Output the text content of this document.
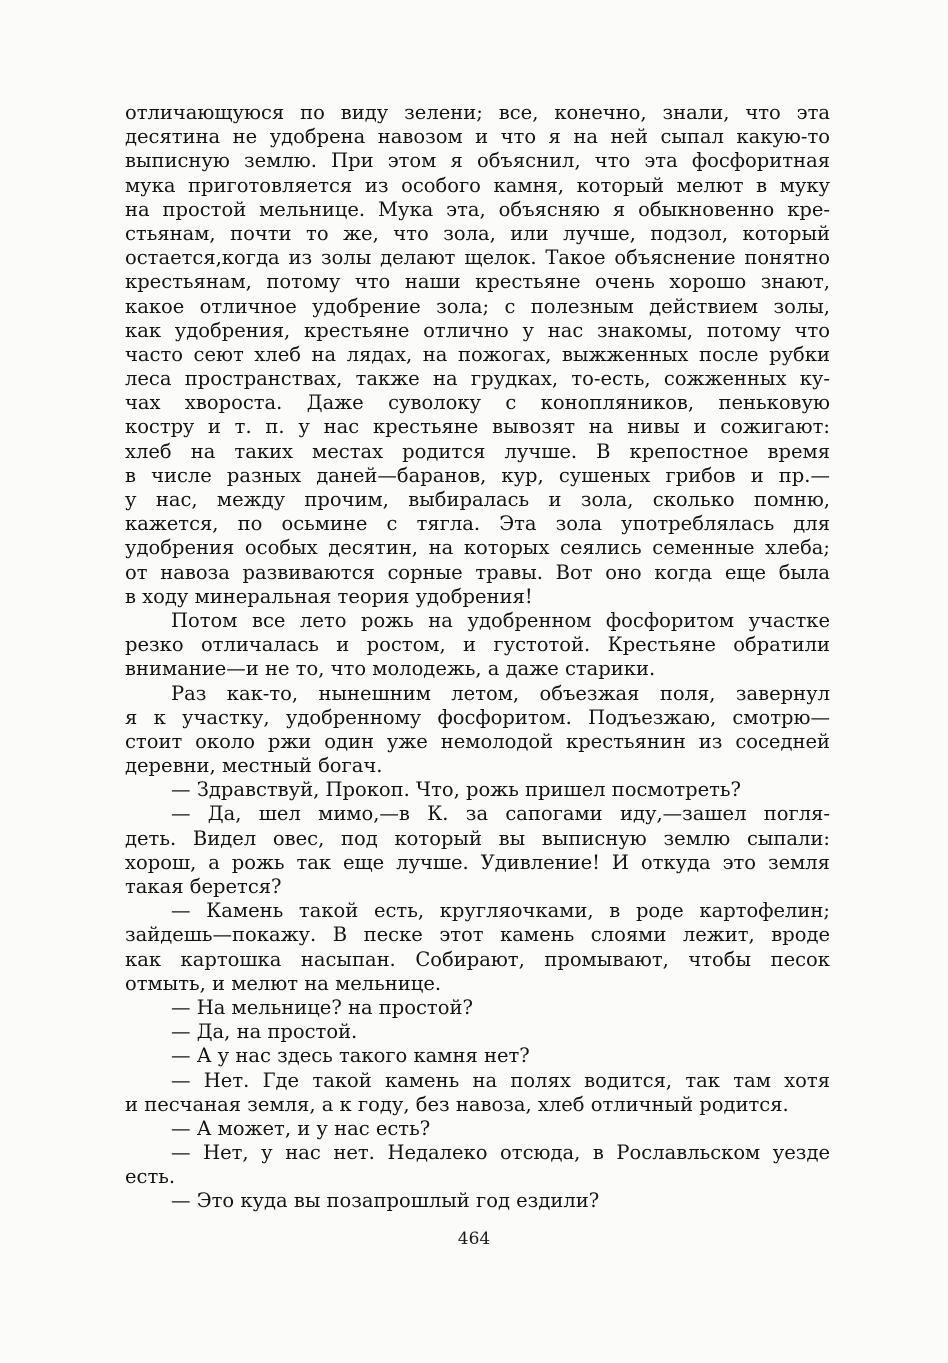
отличающуюся по виду зелени; все, конечно, знали, что эта
десятина не удобрена навозом и что я на ней сыпал какую-то
выписную землю. При этом я объяснил, что эта фосфоритная
мука приготовляется из особого камня, который мелют в муку
на простой мельнице. Мука эта, объясняю я обыкновенно кре-
стьянам, почти то же, что зола, или лучше, подзол, который
остается,когда из золы делают щелок. Такое объяснение понятно
крестьянам, потому что наши крестьяне очень хорошо знают,
какое отличное удобрение зола; с полезным действием золы,
как удобрения, крестьяне отлично у нас знакомы, потому что
часто сеют хлеб на лядах, на пожогах, выжженных после рубки
леса пространствах, также на грудках, то-есть, сожженных ку-
чах хвороста. Даже суволоку с конопляников, пеньковую
кострy и т. п. у нас крестьяне вывозят на нивы и сожигают:
хлеб на таких местах родится лучше. В крепостное время
в числе разных даней—баранов, кур, сушеных грибов и пр.—
у нас, между прочим, выбиралась и зола, сколько помню,
кажется, по осьмине с тягла. Эта зола употреблялась для
удобрения особых десятин, на которых сеялись семенные хлеба;
от навоза развиваются сорные травы. Вот оно когда еще была
в ходу минеральная теория удобрения!
Потом все лето рожь на удобренном фосфоритом участке
резко отличалась и ростом, и густотой. Крестьяне обратили
внимание—и не то, что молодежь, а даже старики.
Раз как-то, нынешним летом, объезжая поля, завернул
я к участку, удобренному фосфоритом. Подъезжаю, смотрю—
стоит около ржи один уже немолодой крестьянин из соседней
деревни, местный богач.
— Здравствуй, Прокоп. Что, рожь пришел посмотреть?
— Да, шел мимо,—в К. за сапогами иду,—зашел погля-
деть. Видел овес, под который вы выписную землю сыпали:
хорош, а рожь так еще лучше. Удивление! И откуда это земля
такая берется?
— Камень такой есть, кругляочками, в роде картофелин;
зайдешь—покажу. В песке этот камень слоями лежит, вроде
как картошка насыпан. Собирают, промывают, чтобы песок
отмыть, и мелют на мельнице.
— На мельнице? на простой?
— Да, на простой.
— А у нас здесь такого камня нет?
— Нет. Где такой камень на полях водится, так там хотя
и песчаная земля, а к году, без навоза, хлеб отличный родится.
— А может, и у нас есть?
— Нет, у нас нет. Недалеко отсюда, в Рославльском уезде
есть.
— Это куда вы позапрошлый год ездили?
464
